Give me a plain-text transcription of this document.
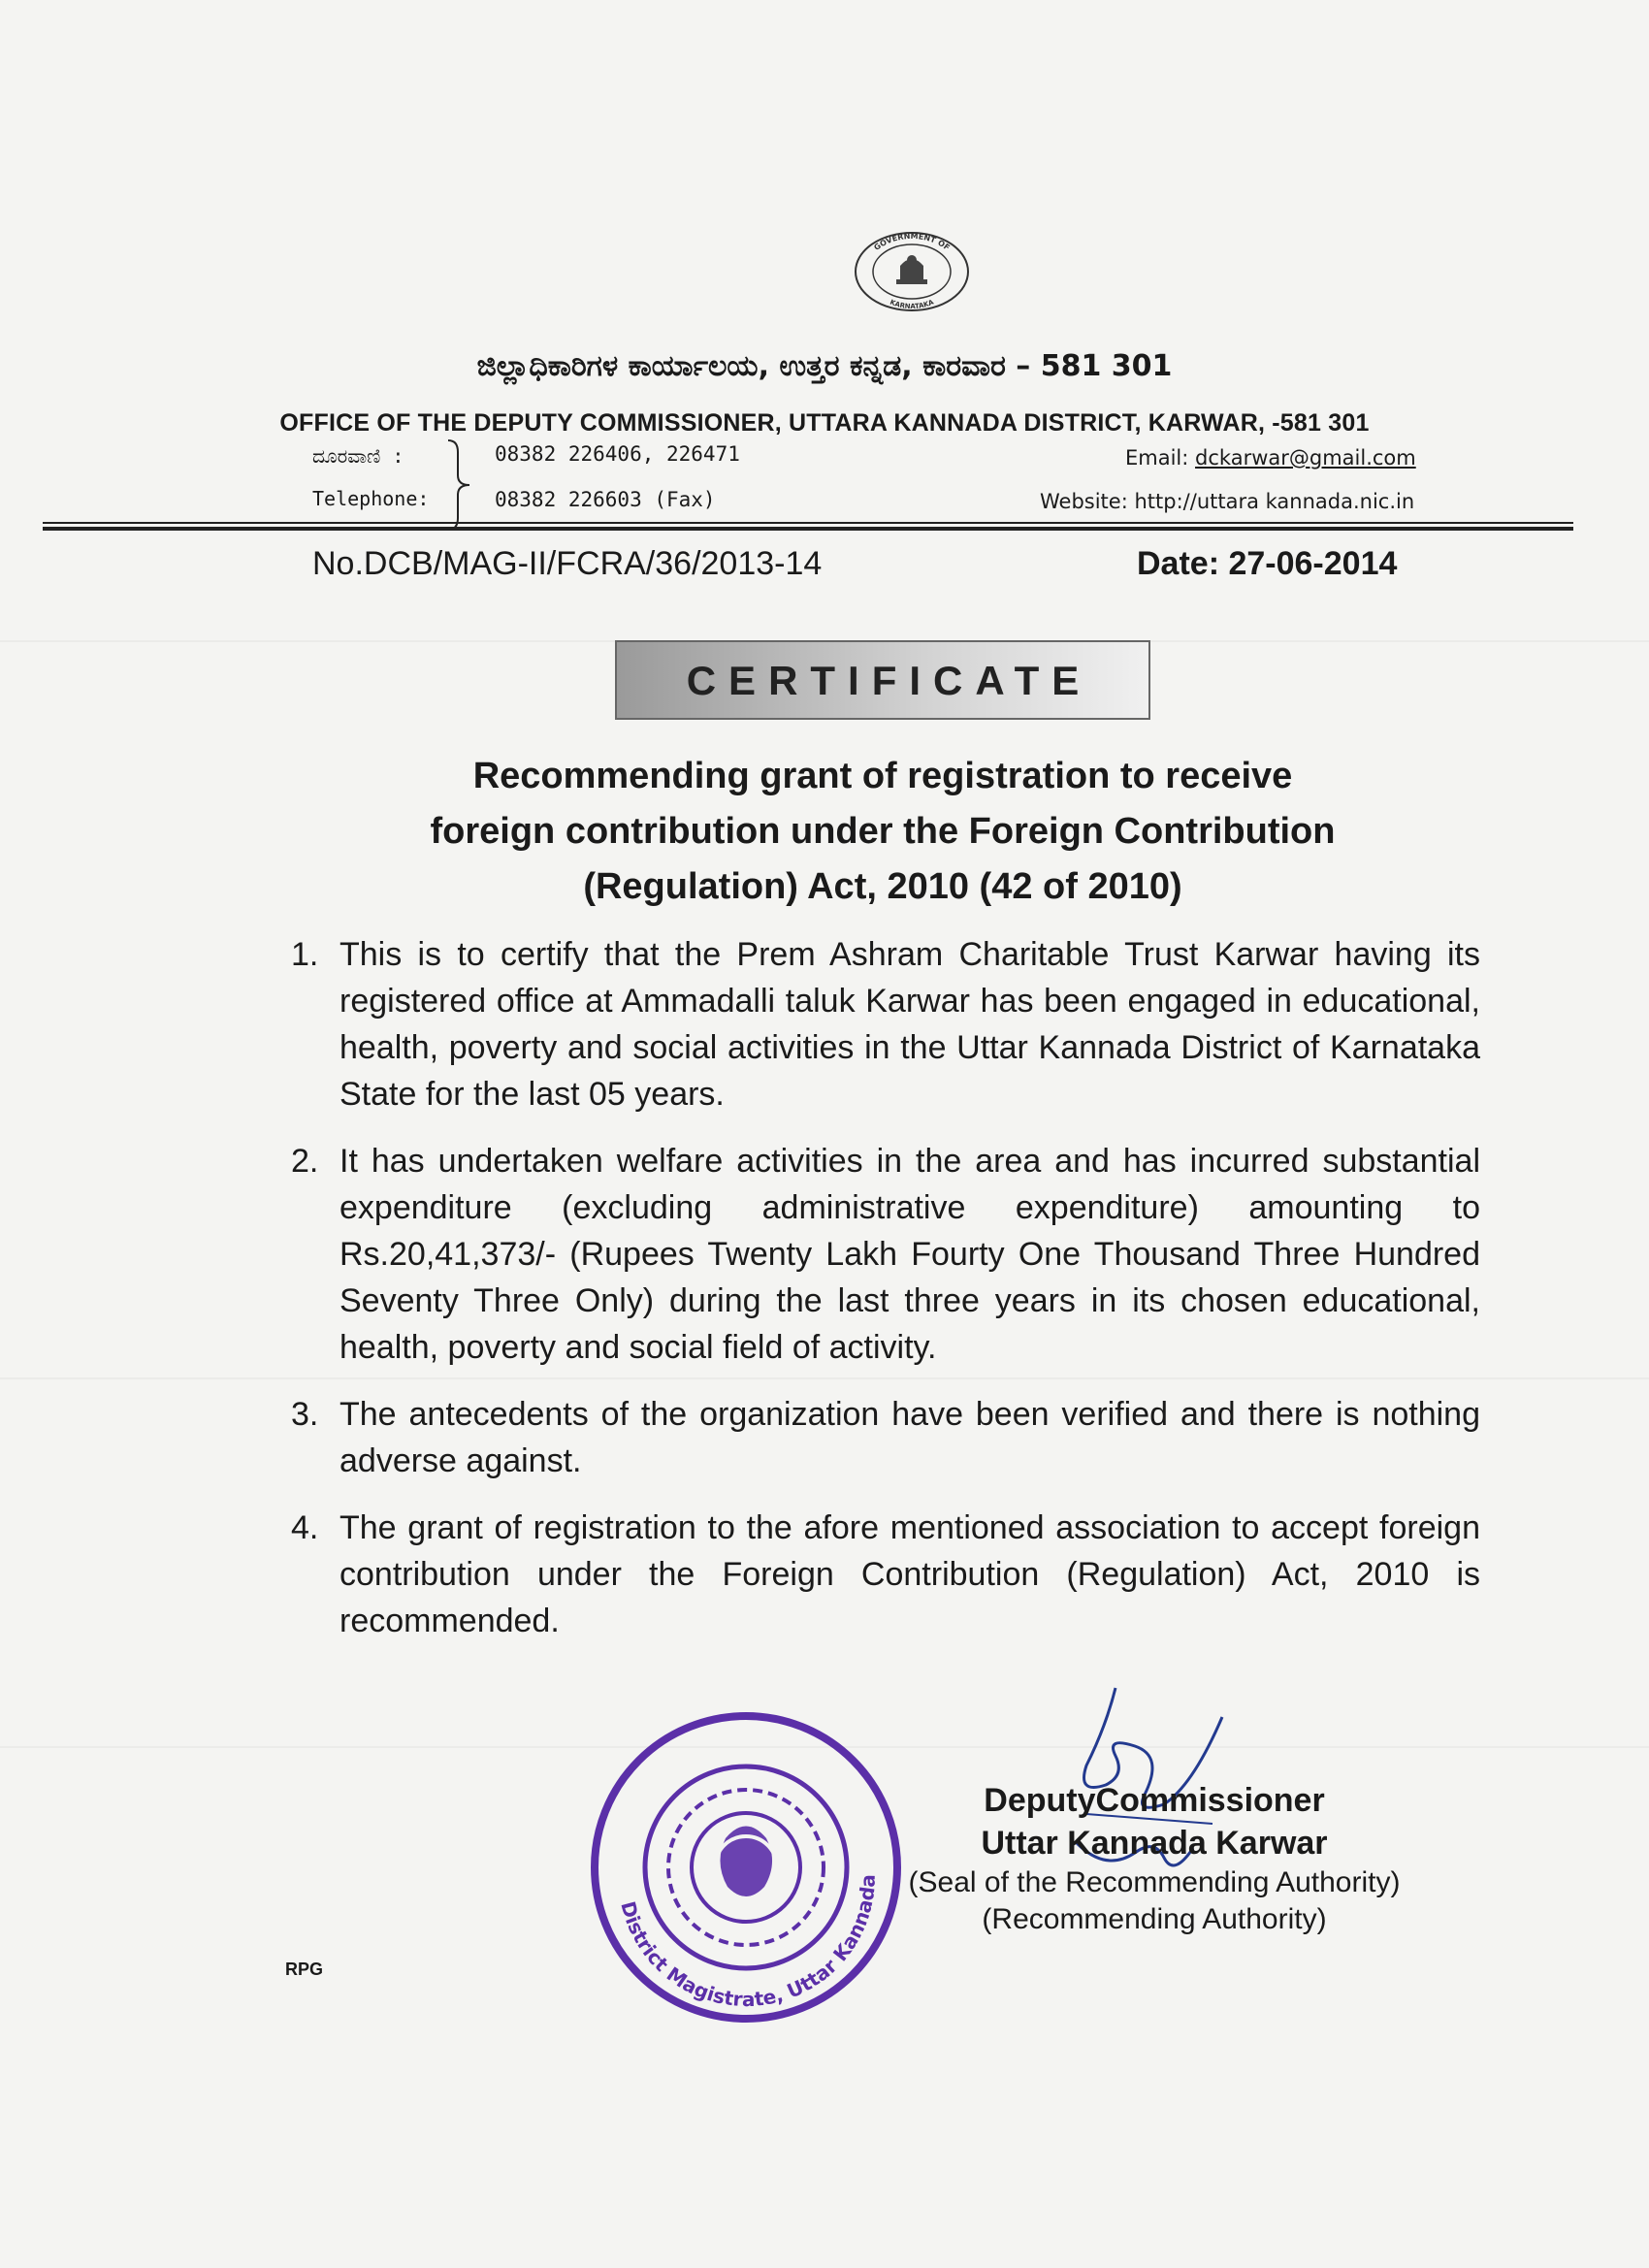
GOVERNMENT OF
KARNATAKA
ಜಿಲ್ಲಾಧಿಕಾರಿಗಳ ಕಾರ್ಯಾಲಯ, ಉತ್ತರ ಕನ್ನಡ, ಕಾರವಾರ – 581 301
OFFICE OF THE DEPUTY COMMISSIONER, UTTARA KANNADA DISTRICT, KARWAR, -581 301
ದೂರವಾಣಿ :
Telephone:
08382 226406, 226471
08382 226603 (Fax)
Email: dckarwar@gmail.com
Website: http://uttara kannada.nic.in
No.DCB/MAG-II/FCRA/36/2013-14	Date: 27-06-2014
CERTIFICATE
Recommending grant of registration to receive
foreign contribution under the Foreign Contribution
(Regulation) Act, 2010 (42 of 2010)
1. This is to certify that the Prem Ashram Charitable Trust Karwar having its registered office at Ammadalli taluk Karwar has been engaged in educational, health, poverty and social activities in the Uttar Kannada District of Karnataka State for the last 05 years.
2. It has undertaken welfare activities in the area and has incurred substantial expenditure (excluding administrative expenditure) amounting to Rs.20,41,373/- (Rupees Twenty Lakh Fourty One Thousand Three Hundred Seventy Three Only) during the last three years in its chosen educational, health, poverty and social field of activity.
3. The antecedents of the organization have been verified and there is nothing adverse against.
4. The grant of registration to the afore mentioned association to accept foreign contribution under the Foreign Contribution (Regulation) Act, 2010 is recommended.
District Magistrate, Uttar Kannada
DeputyCommissioner
Uttar Kannada Karwar
(Seal of the Recommending Authority)
(Recommending Authority)
RPG
